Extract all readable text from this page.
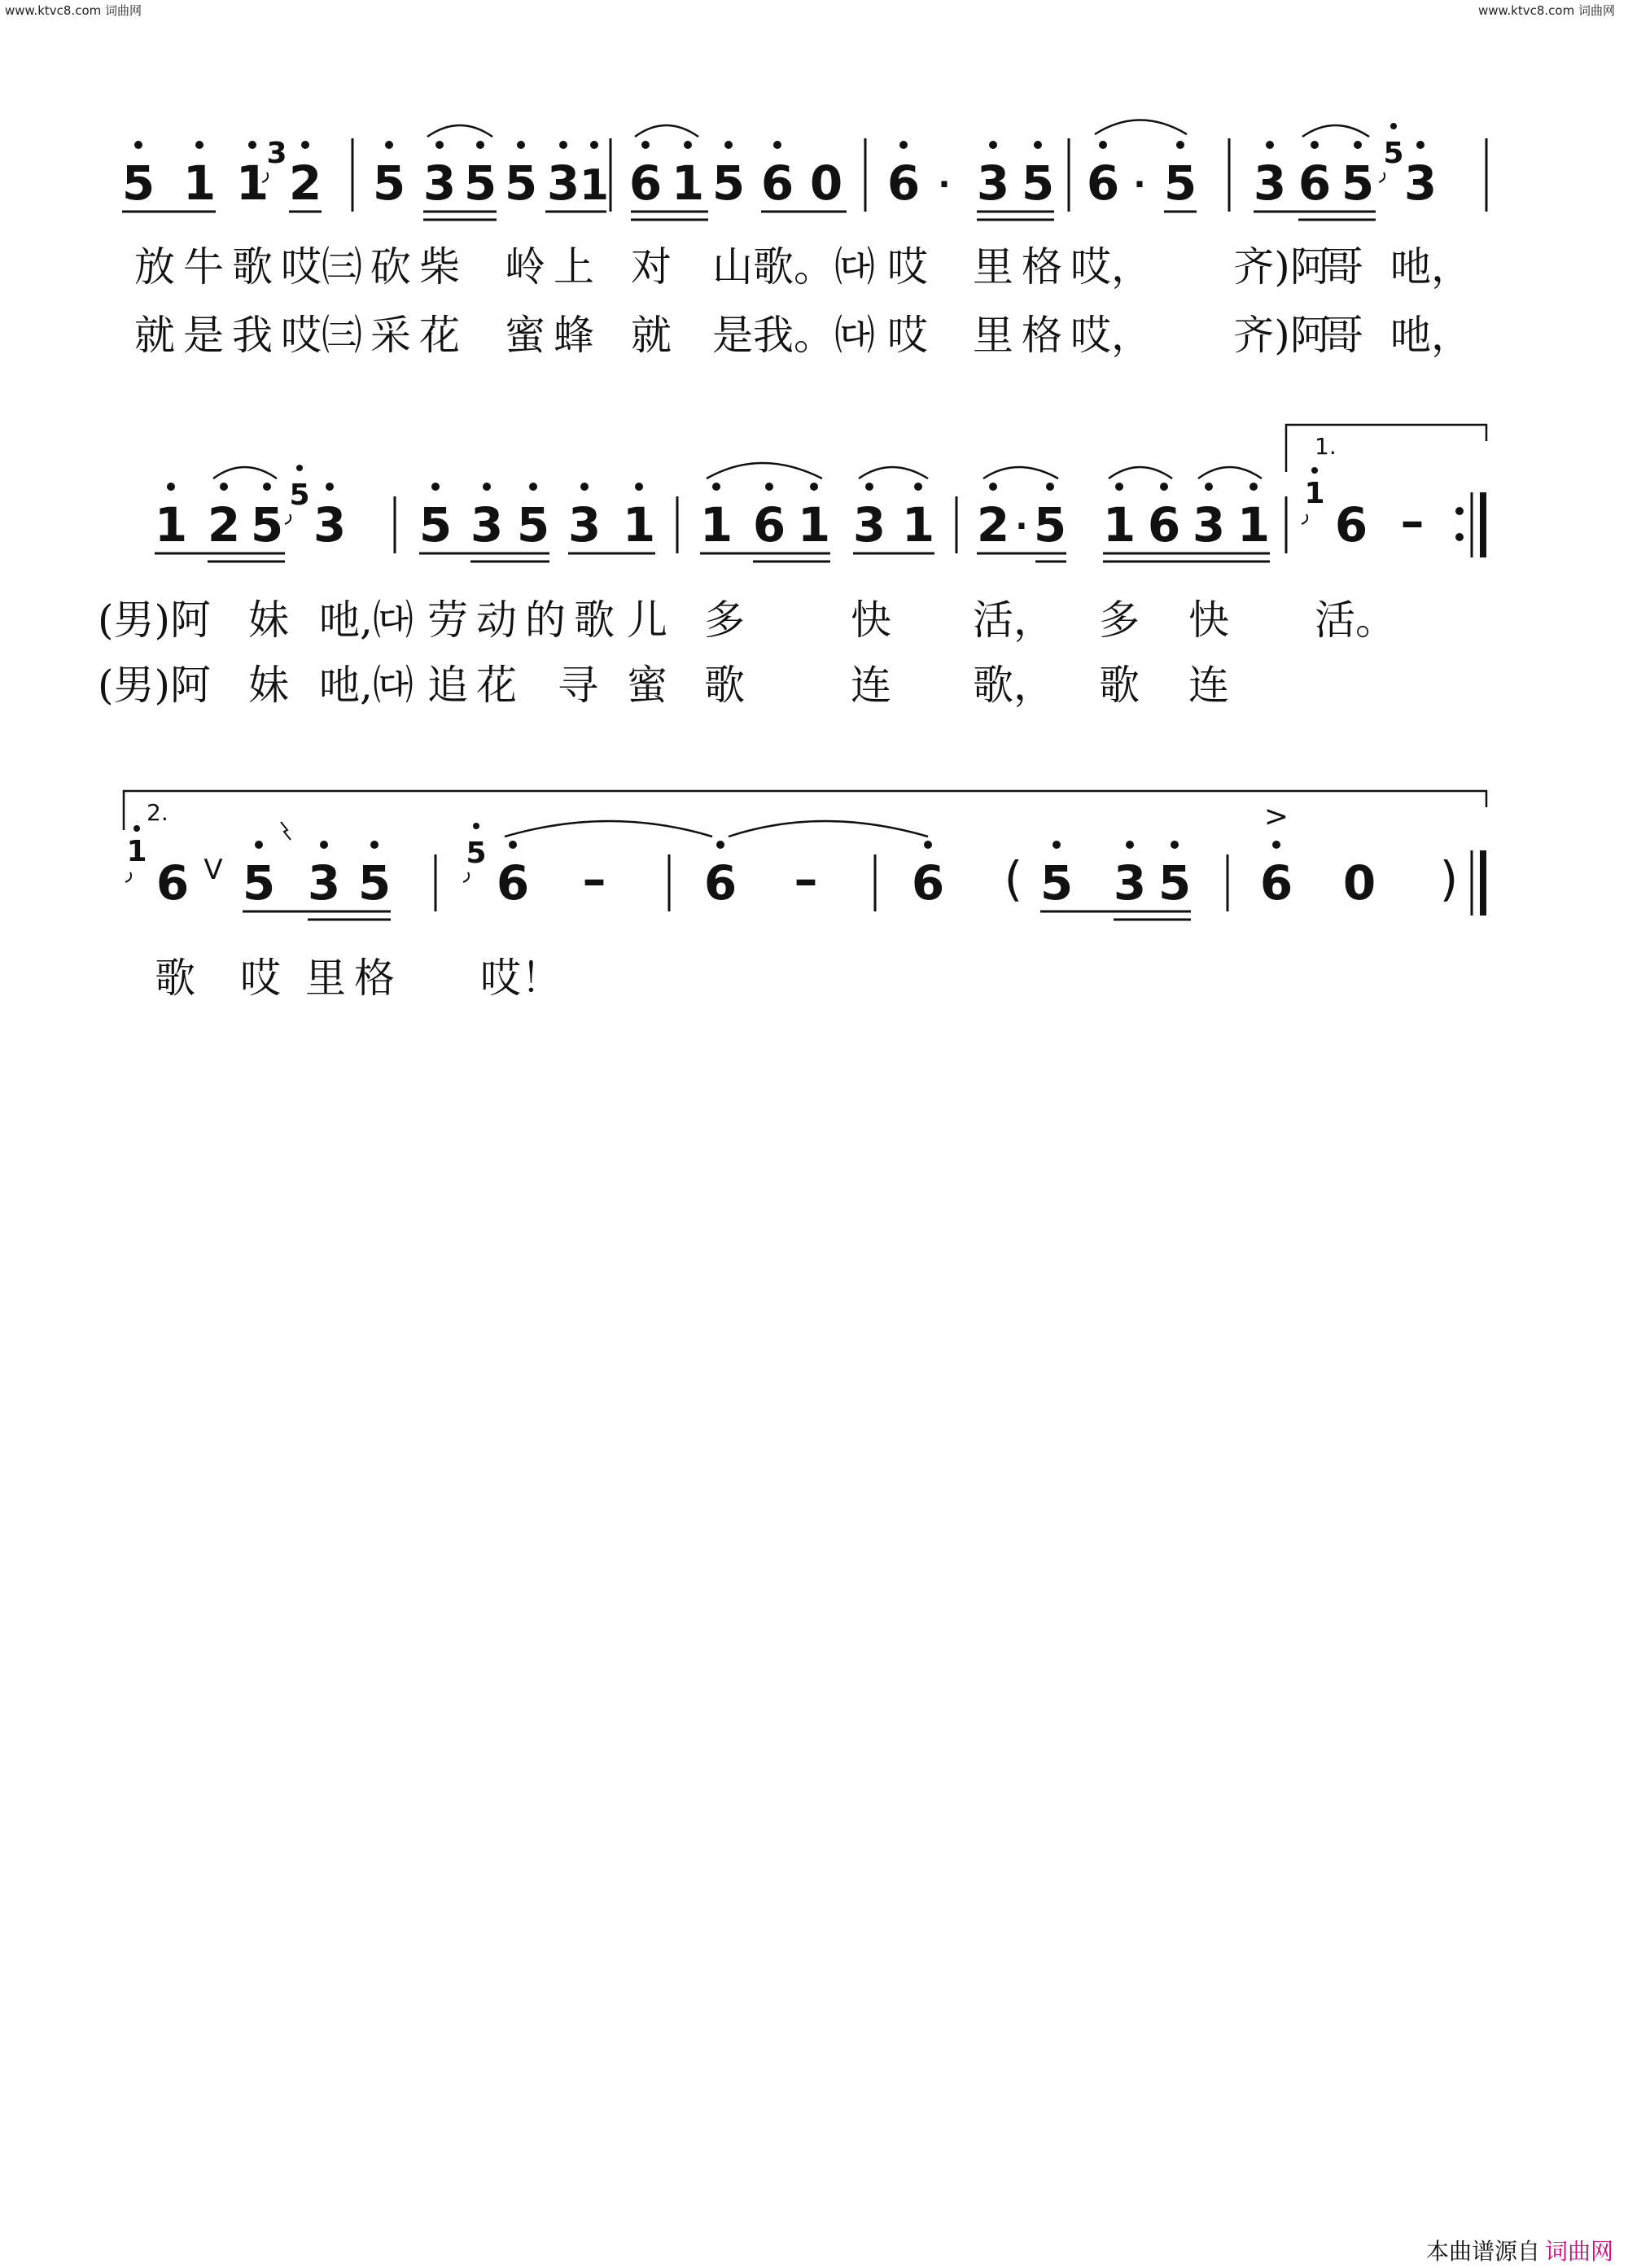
www.ktvc8.com 词曲网	www.ktvc8.com 词曲网
5 1 1
3
2 5 3 5 5 3 1 6 1 5 6 0 6 · 3 5 6 · 5 3 6 5
5
3
放 牛 歌 哎㈢ 砍 柴 岭 上 对 山 歌。㈐ 哎 里 格 哎， 齐)阿
哥 吔，
就 是 我 哎㈢ 采 花 蜜 蜂 就 是 我。㈐ 哎 里 格 哎， 齐)阿
哥 吔，
1.
1 2 5
5
3 5 3 5 3 1 1 6 1 3 1 2 · 5 1 6 3 1
1
6 –
(男)阿 妹 吔,㈐ 劳 动 的 歌 儿 多	快 活， 多 快 活。
(男)阿 妹 吔,㈐ 追 花 寻 蜜 歌	连 歌， 歌 连
2.
1
6 V 5 3 5
5
6 – 6 – 6 ( 5 3 5
>
6 0 )
歌 哎 里 格 哎！
本曲谱源自 词曲网
